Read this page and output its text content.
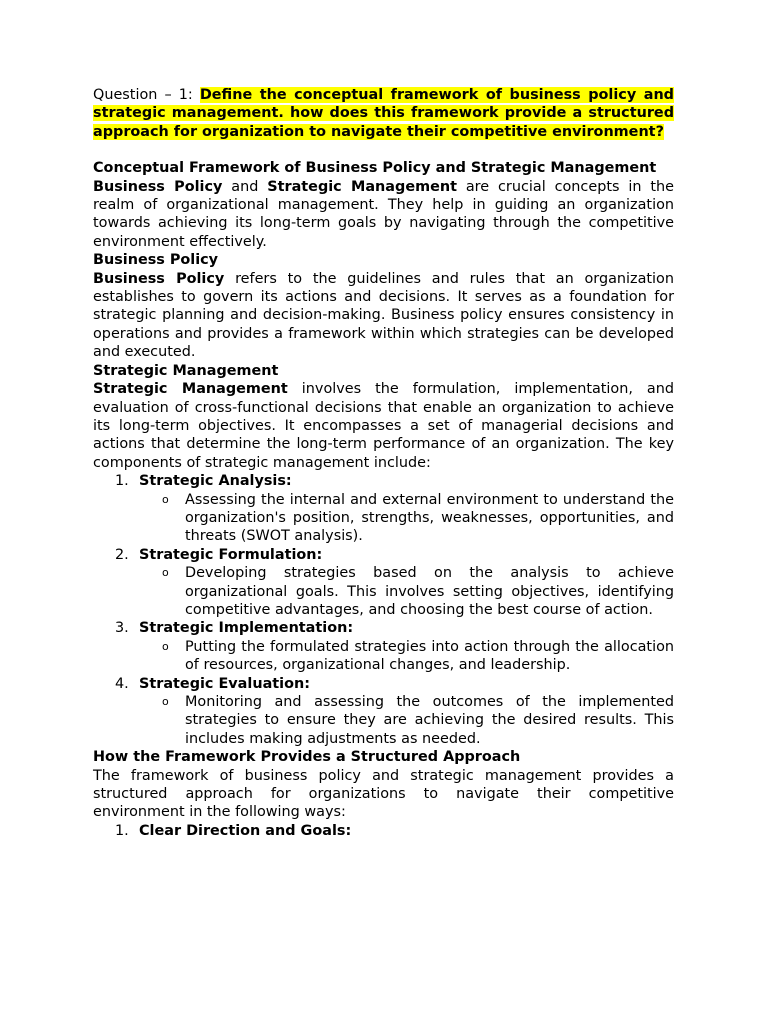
Question – 1: Define the conceptual framework of business policy and strategic management. how does this framework provide a structured approach for organization to navigate their competitive environment?

Conceptual Framework of Business Policy and Strategic Management

Business Policy and Strategic Management are crucial concepts in the realm of organizational management. They help in guiding an organization towards achieving its long-term goals by navigating through the competitive environment effectively.

Business Policy

Business Policy refers to the guidelines and rules that an organization establishes to govern its actions and decisions. It serves as a foundation for strategic planning and decision-making. Business policy ensures consistency in operations and provides a framework within which strategies can be developed and executed.

Strategic Management

Strategic Management involves the formulation, implementation, and evaluation of cross-functional decisions that enable an organization to achieve its long-term objectives. It encompasses a set of managerial decisions and actions that determine the long-term performance of an organization. The key components of strategic management include:

1. Strategic Analysis:
o Assessing the internal and external environment to understand the organization's position, strengths, weaknesses, opportunities, and threats (SWOT analysis).
2. Strategic Formulation:
o Developing strategies based on the analysis to achieve organizational goals. This involves setting objectives, identifying competitive advantages, and choosing the best course of action.
3. Strategic Implementation:
o Putting the formulated strategies into action through the allocation of resources, organizational changes, and leadership.
4. Strategic Evaluation:
o Monitoring and assessing the outcomes of the implemented strategies to ensure they are achieving the desired results. This includes making adjustments as needed.

How the Framework Provides a Structured Approach

The framework of business policy and strategic management provides a structured approach for organizations to navigate their competitive environment in the following ways:

1. Clear Direction and Goals:
